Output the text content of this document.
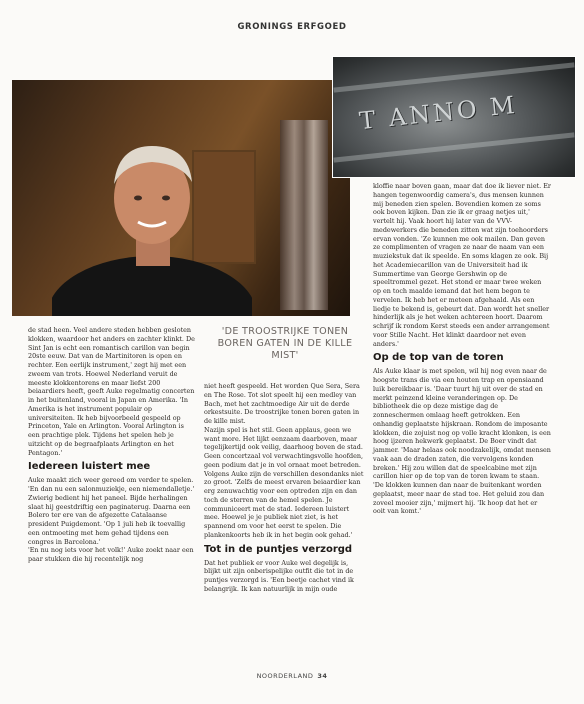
GRONINGS ERFGOED
T ANNO M

de stad heen. Veel andere steden hebben gesloten klokken, waardoor het anders en zachter klinkt. De Sint Jan is echt een romantisch carillon van begin 20ste eeuw. Dat van de Martinitoren is open en rechter. Een eerlijk instrument,' zegt hij met een zweem van trots. Hoewel Nederland veruit de meeste klokkentorens en maar liefst 200 beiaardiers heeft, geeft Auke regelmatig concerten in het buitenland, vooral in Japan en Amerika. 'In Amerika is het instrument populair op universiteiten. Ik heb bijvoorbeeld gespeeld op Princeton, Yale en Arlington. Vooral Arlington is een prachtige plek. Tijdens het spelen heb je uitzicht op de begraafplaats Arlington en het Pentagon.'

Iedereen luistert mee

Auke maakt zich weer gereed om verder te spelen. 'En dan nu een salonmuziekje, een niemendalletje.' Zwierig bedient hij het paneel. Bijde herhalingen slaat hij geestdriftig een paginaterug. Daarna een Bolero ter ere van de afgezette Catalaanse president Puigdemont. 'Op 1 juli heb ik toevallig een ontmoeting met hem gehad tijdens een congres in Barcelona.'

'En nu nog iets voor het volk!' Auke zoekt naar een paar stukken die hij recentelijk nog

'DE TROOSTRIJKE TONEN BOREN GATEN IN DE KILLE MIST'

niet heeft gespeeld. Het worden Que Sera, Sera en The Rose. Tot slot speelt hij een medley van Bach, met het zachtmoedige Air uit de derde orkestsuite. De troostrijke tonen boren gaten in de kille mist.

Nazijn spel is het stil. Geen applaus, geen we want more. Het lijkt eenzaam daarboven, maar tegelijkertijd ook veilig, daarhoog boven de stad. Geen concertzaal vol verwachtingsvolle hoofden, geen podium dat je in vol ornaat moet betreden. Volgens Auke zijn de verschillen desondanks niet zo groot. 'Zelfs de meest ervaren beiaardier kan erg zenuwachtig voor een optreden zijn en dan toch de sterren van de hemel spelen. Je communiceert met de stad. Iedereen luistert mee. Hoewel je je publiek niet ziet, is het spannend om voor het eerst te spelen. Die plankenkoorts heb ik in het begin ook gehad.'

Tot in de puntjes verzorgd

Dat het publiek er voor Auke wel degelijk is, blijkt uit zijn onberispelijke outfit die tot in de puntjes verzorgd is. 'Een beetje cachet vind ik belangrijk. Ik kan natuurlijk in mijn oude

kloffie naar boven gaan, maar dat doe ik liever niet. Er hangen tegenwoordig camera's, dus mensen kunnen mij beneden zien spelen. Bovendien komen ze soms ook boven kijken. Dan zie ik er graag netjes uit,' vertelt hij. Vaak hoort hij later van de VVV-medewerkers die beneden zitten wat zijn toehoorders ervan vonden. 'Ze kunnen me ook mailen. Dan geven ze complimenten of vragen ze naar de naam van een muziekstuk dat ik speelde. En soms klagen ze ook. Bij het Academiecarillon van de Universiteit had ik Summertime van George Gershwin op de speeltrommel gezet. Het stond er maar twee weken op en toch maalde iemand dat het hem begon te vervelen. Ik heb het er meteen afgehaald. Als een liedje te bekend is, gebeurt dat. Dan wordt het sneller hinderlijk als je het weken achtereen hoort. Daarom schrijf ik rondom Kerst steeds een ander arrangement voor Stille Nacht. Het klinkt daardoor net even anders.'

Op de top van de toren

Als Auke klaar is met spelen, wil hij nog even naar de hoogste trans die via een houten trap en opensiaand luik bereikbaar is. 'Daar tuurt hij uit over de stad en merkt peinzend kleine veranderingen op. De bibliotheek die op deze mistige dag de zonneschermen omlaag heeft getrokken. Een onhandig geplaatste hijskraan. Rondom de imposante klokken, die zojuist nog op volle kracht klonken, is een hoog ijzeren hekwerk geplaatst. De Boer vindt dat jammer. 'Maar helaas ook noodzakelijk, omdat mensen vaak aan de draden zaten, die vervolgens konden breken.' Hij zou willen dat de speelcabine met zijn carillon hier op de top van de toren kwam te staan. 'De klokken kunnen dan naar de buitenkant worden geplaatst, meer naar de stad toe. Het geluid zou dan zoveel mooier zijn,' mijmert hij. 'Ik hoop dat het er ooit van komt.'

NOORDERLAND 34
